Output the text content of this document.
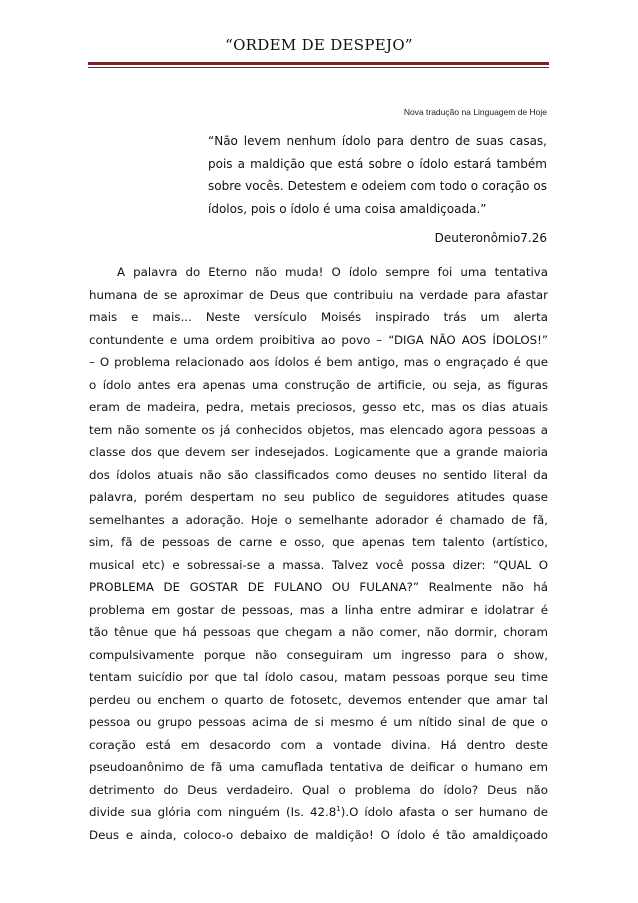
“ORDEM DE DESPEJO”
Nova tradução na Linguagem de Hoje
“Não levem nenhum ídolo para dentro de suas casas, pois a maldição que está sobre o ídolo estará também sobre vocês. Detestem e odeiem com todo o coração os ídolos, pois o ídolo é uma coisa amaldiçoada.”
Deuteronômio7.26
A palavra do Eterno não muda! O ídolo sempre foi uma tentativa
humana de se aproximar de Deus que contribuiu na verdade para afastar
mais e mais... Neste versículo Moisés inspirado trás um alerta
contundente e uma ordem proibitiva ao povo – “DIGA NÃO AOS ÍDOLOS!”
– O problema relacionado aos ídolos é bem antigo, mas o engraçado é que
o ídolo antes era apenas uma construção de artificie, ou seja, as figuras
eram de madeira, pedra, metais preciosos, gesso etc, mas os dias atuais
tem não somente os já conhecidos objetos, mas elencado agora pessoas a
classe dos que devem ser indesejados. Logicamente que a grande maioria
dos ídolos atuais não são classificados como deuses no sentido literal da
palavra, porém despertam no seu publico de seguidores atitudes quase
semelhantes a adoração. Hoje o semelhante adorador é chamado de fã,
sim, fã de pessoas de carne e osso, que apenas tem talento (artístico,
musical etc) e sobressai-se a massa. Talvez você possa dizer: “QUAL O
PROBLEMA DE GOSTAR DE FULANO OU FULANA?” Realmente não há
problema em gostar de pessoas, mas a linha entre admirar e idolatrar é
tão tênue que há pessoas que chegam a não comer, não dormir, choram
compulsivamente porque não conseguiram um ingresso para o show,
tentam suicídio por que tal ídolo casou, matam pessoas porque seu time
perdeu ou enchem o quarto de fotosetc, devemos entender que amar tal
pessoa ou grupo pessoas acima de si mesmo é um nítido sinal de que o
coração está em desacordo com a vontade divina. Há dentro deste
pseudoanônimo de fã uma camuflada tentativa de deificar o humano em
detrimento do Deus verdadeiro. Qual o problema do ídolo? Deus não
divide sua glória com ninguém (Is. 42.8$^1$).O ídolo afasta o ser humano de
Deus e ainda, coloco-o debaixo de maldição! O ídolo é tão amaldiçoado
